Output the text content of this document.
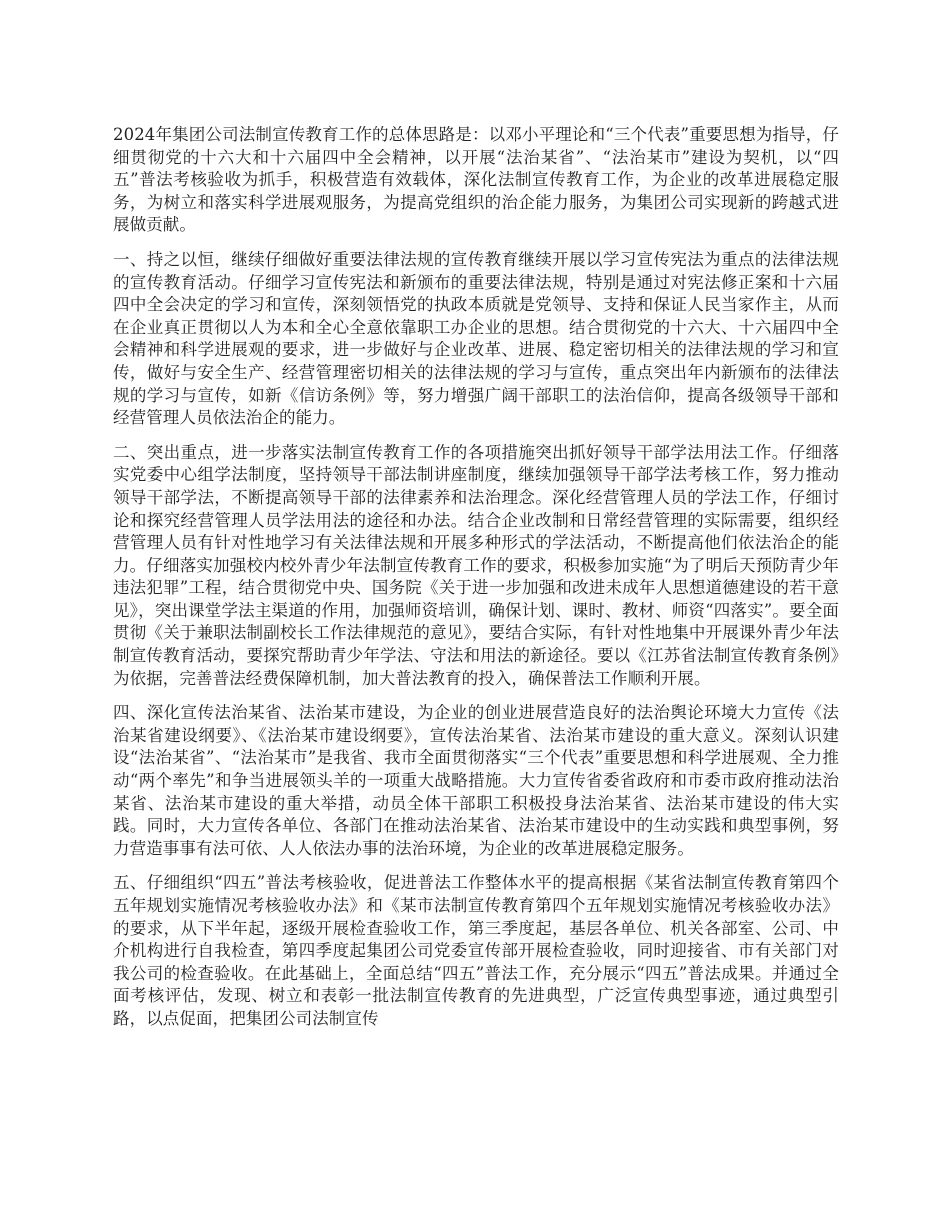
2024年集团公司法制宣传教育工作的总体思路是：以邓小平理论和“三个代表”重要思想为指导，仔细贯彻党的十六大和十六届四中全会精神，以开展“法治某省”、“法治某市”建设为契机，以“四五”普法考核验收为抓手，积极营造有效载体，深化法制宣传教育工作，为企业的改革进展稳定服务，为树立和落实科学进展观服务，为提高党组织的治企能力服务，为集团公司实现新的跨越式进展做贡献。

一、持之以恒，继续仔细做好重要法律法规的宣传教育继续开展以学习宣传宪法为重点的法律法规的宣传教育活动。仔细学习宣传宪法和新颁布的重要法律法规，特别是通过对宪法修正案和十六届四中全会决定的学习和宣传，深刻领悟党的执政本质就是党领导、支持和保证人民当家作主，从而在企业真正贯彻以人为本和全心全意依靠职工办企业的思想。结合贯彻党的十六大、十六届四中全会精神和科学进展观的要求，进一步做好与企业改革、进展、稳定密切相关的法律法规的学习和宣传，做好与安全生产、经营管理密切相关的法律法规的学习与宣传，重点突出年内新颁布的法律法规的学习与宣传，如新《信访条例》等，努力增强广阔干部职工的法治信仰，提高各级领导干部和经营管理人员依法治企的能力。

二、突出重点，进一步落实法制宣传教育工作的各项措施突出抓好领导干部学法用法工作。仔细落实党委中心组学法制度，坚持领导干部法制讲座制度，继续加强领导干部学法考核工作，努力推动领导干部学法，不断提高领导干部的法律素养和法治理念。深化经营管理人员的学法工作，仔细讨论和探究经营管理人员学法用法的途径和办法。结合企业改制和日常经营管理的实际需要，组织经营管理人员有针对性地学习有关法律法规和开展多种形式的学法活动，不断提高他们依法治企的能力。仔细落实加强校内校外青少年法制宣传教育工作的要求，积极参加实施“为了明后天预防青少年违法犯罪”工程，结合贯彻党中央、国务院《关于进一步加强和改进未成年人思想道德建设的若干意见》，突出课堂学法主渠道的作用，加强师资培训，确保计划、课时、教材、师资“四落实”。要全面贯彻《关于兼职法制副校长工作法律规范的意见》，要结合实际，有针对性地集中开展课外青少年法制宣传教育活动，要探究帮助青少年学法、守法和用法的新途径。要以《江苏省法制宣传教育条例》为依据，完善普法经费保障机制，加大普法教育的投入，确保普法工作顺利开展。

四、深化宣传法治某省、法治某市建设，为企业的创业进展营造良好的法治舆论环境大力宣传《法治某省建设纲要》、《法治某市建设纲要》，宣传法治某省、法治某市建设的重大意义。深刻认识建设“法治某省”、“法治某市”是我省、我市全面贯彻落实“三个代表”重要思想和科学进展观、全力推动“两个率先”和争当进展领头羊的一项重大战略措施。大力宣传省委省政府和市委市政府推动法治某省、法治某市建设的重大举措，动员全体干部职工积极投身法治某省、法治某市建设的伟大实践。同时，大力宣传各单位、各部门在推动法治某省、法治某市建设中的生动实践和典型事例，努力营造事事有法可依、人人依法办事的法治环境，为企业的改革进展稳定服务。

五、仔细组织“四五”普法考核验收，促进普法工作整体水平的提高根据《某省法制宣传教育第四个五年规划实施情况考核验收办法》和《某市法制宣传教育第四个五年规划实施情况考核验收办法》的要求，从下半年起，逐级开展检查验收工作，第三季度起，基层各单位、机关各部室、公司、中介机构进行自我检查，第四季度起集团公司党委宣传部开展检查验收，同时迎接省、市有关部门对我公司的检查验收。在此基础上，全面总结“四五”普法工作，充分展示“四五”普法成果。并通过全面考核评估，发现、树立和表彰一批法制宣传教育的先进典型，广泛宣传典型事迹，通过典型引路，以点促面，把集团公司法制宣传
